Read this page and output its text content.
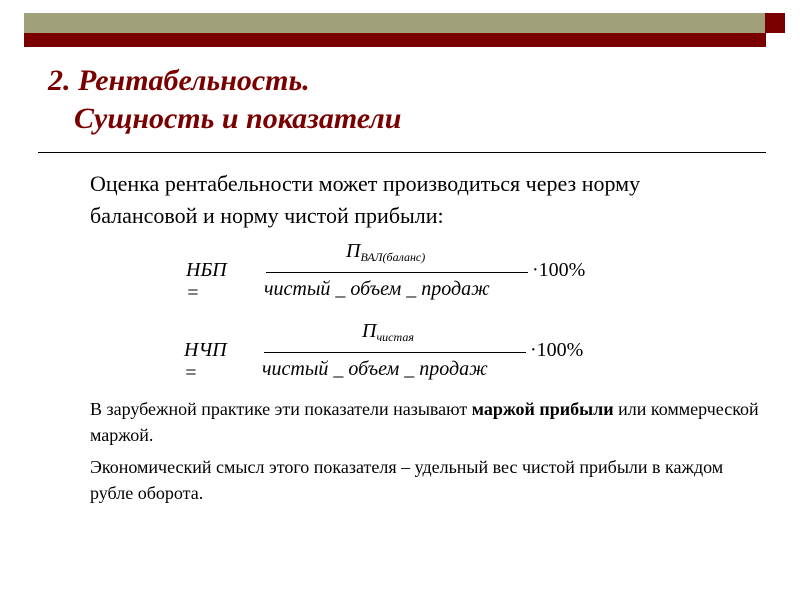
2. Рентабельность.
Сущность и показатели
Оценка рентабельности может производиться через норму балансовой и норму чистой прибыли:
НБП =
$П_{ВАЛ(баланс)}$
чистый _ объем _ продаж
·100%
НЧП =
$П_{чистая}$
чистый _ объем _ продаж
·100%
В зарубежной практике эти показатели называют маржой прибыли или коммерческой маржой.
Экономический смысл этого показателя – удельный вес чистой прибыли в каждом рубле оборота.
